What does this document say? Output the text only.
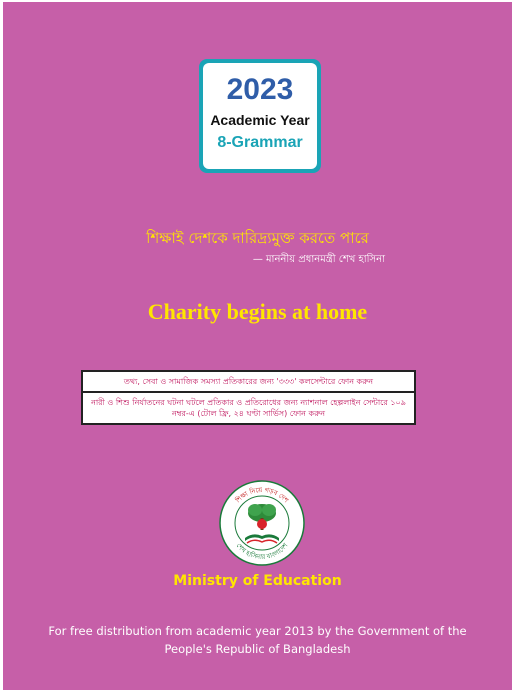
2023
Academic Year
8-Grammar
শিক্ষাই দেশকে দারিদ্র্যমুক্ত করতে পারে
— মাননীয় প্রধানমন্ত্রী শেখ হাসিনা
Charity begins at home
তথ্য, সেবা ও সামাজিক সমস্যা প্রতিকারের জন্য '৩৩৩' কলসেন্টারে ফোন করুন
নারী ও শিশু নির্যাতনের ঘটনা ঘটলে প্রতিকার ও প্রতিরোধের জন্য ন্যাশনাল হেল্পলাইন সেন্টারে ১০৯ নম্বর-এ (টোল ফ্রি, ২৪ ঘণ্টা সার্ভিস) ফোন করুন
শিক্ষা নিয়ে গড়ব দেশ
শেখ হাসিনার বাংলাদেশ
Ministry of Education
For free distribution from academic year 2013 by the Government of the People's Republic of Bangladesh
